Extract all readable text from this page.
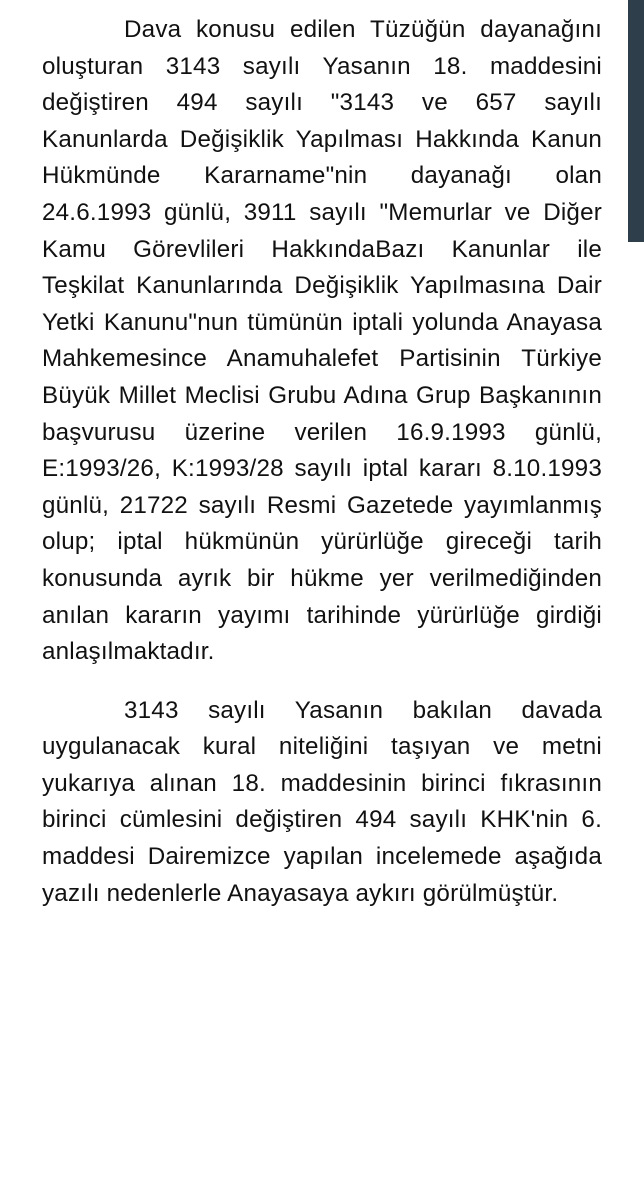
Dava konusu edilen Tüzüğün dayanağını oluşturan 3143 sayılı Yasanın 18. maddesini değiştiren 494 sayılı "3143 ve 657 sayılı Kanunlarda Değişiklik Yapılması Hakkında Kanun Hükmünde Kararname"nin dayanağı olan 24.6.1993 günlü, 3911 sayılı "Memurlar ve Diğer Kamu Görevlileri HakkındaBazı Kanunlar ile Teşkilat Kanunlarında Değişiklik Yapılmasına Dair Yetki Kanunu"nun tümünün iptali yolunda Anayasa Mahkemesince Anamuhalefet Partisinin Türkiye Büyük Millet Meclisi Grubu Adına Grup Başkanının başvurusu üzerine verilen 16.9.1993 günlü, E:1993/26, K:1993/28 sayılı iptal kararı 8.10.1993 günlü, 21722 sayılı Resmi Gazetede yayımlanmış olup; iptal hükmünün yürürlüğe gireceği tarih konusunda ayrık bir hükme yer verilmediğinden anılan kararın yayımı tarihinde yürürlüğe girdiği anlaşılmaktadır.

3143 sayılı Yasanın bakılan davada uygulanacak kural niteliğini taşıyan ve metni yukarıya alınan 18. maddesinin birinci fıkrasının birinci cümlesini değiştiren 494 sayılı KHK'nin 6. maddesi Dairemizce yapılan incelemede aşağıda yazılı nedenlerle Anayasaya aykırı görülmüştür.
